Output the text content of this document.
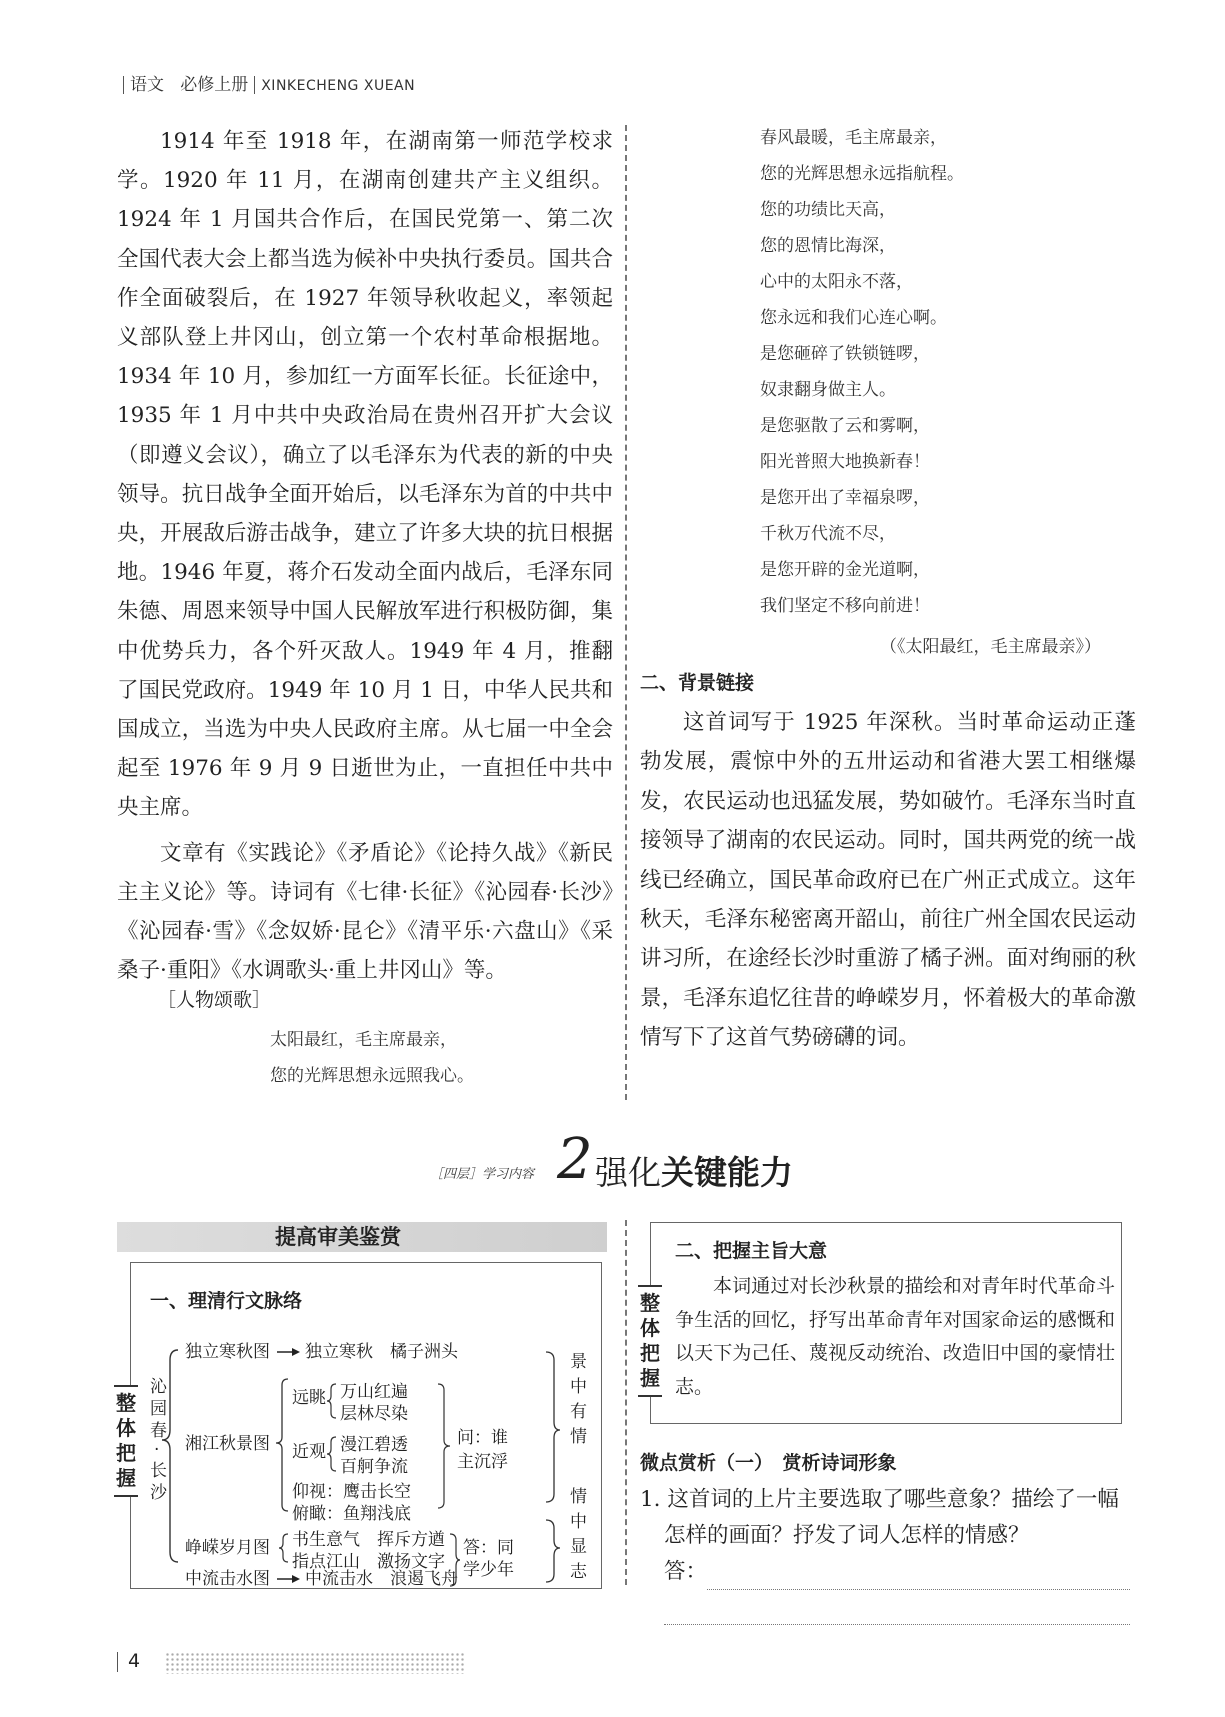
语文 必修上册 XINKECHENG XUEAN

1914 年至 1918 年，在湖南第一师范学校求学。1920 年 11 月，在湖南创建共产主义组织。1924 年 1 月国共合作后，在国民党第一、第二次全国代表大会上都当选为候补中央执行委员。国共合作全面破裂后，在 1927 年领导秋收起义，率领起义部队登上井冈山，创立第一个农村革命根据地。1934 年 10 月，参加红一方面军长征。长征途中，1935 年 1 月中共中央政治局在贵州召开扩大会议（即遵义会议），确立了以毛泽东为代表的新的中央领导。抗日战争全面开始后，以毛泽东为首的中共中央，开展敌后游击战争，建立了许多大块的抗日根据地。1946 年夏，蒋介石发动全面内战后，毛泽东同朱德、周恩来领导中国人民解放军进行积极防御，集中优势兵力，各个歼灭敌人。1949 年 4 月，推翻了国民党政府。1949 年 10 月 1 日，中华人民共和国成立，当选为中央人民政府主席。从七届一中全会起至 1976 年 9 月 9 日逝世为止，一直担任中共中央主席。

文章有《实践论》《矛盾论》《论持久战》《新民主主义论》等。诗词有《七律·长征》《沁园春·长沙》《沁园春·雪》《念奴娇·昆仑》《清平乐·六盘山》《采桑子·重阳》《水调歌头·重上井冈山》等。

［人物颂歌］
太阳最红，毛主席最亲，
您的光辉思想永远照我心。
春风最暖，毛主席最亲，
您的光辉思想永远指航程。
您的功绩比天高，
您的恩情比海深，
心中的太阳永不落，
您永远和我们心连心啊。
是您砸碎了铁锁链啰，
奴隶翻身做主人。
是您驱散了云和雾啊，
阳光普照大地换新春！
是您开出了幸福泉啰，
千秋万代流不尽，
是您开辟的金光道啊，
我们坚定不移向前进！
（《太阳最红，毛主席最亲》）
二、背景链接

这首词写于 1925 年深秋。当时革命运动正蓬勃发展，震惊中外的五卅运动和省港大罢工相继爆发，农民运动也迅猛发展，势如破竹。毛泽东当时直接领导了湖南的农民运动。同时，国共两党的统一战线已经确立，国民革命政府已在广州正式成立。这年秋天，毛泽东秘密离开韶山，前往广州全国农民运动讲习所，在途经长沙时重游了橘子洲。面对绚丽的秋景，毛泽东追忆往昔的峥嵘岁月，怀着极大的革命激情写下了这首气势磅礴的词。

［四层］学习内容 2 强化关键能力
提高审美鉴赏
整体把握
一、理清行文脉络
沁
园
春
·
长
沙
独立寒秋图 独立寒秋　橘子洲头
湘江秋景图
远眺 万山红遍
层林尽染
近观 漫江碧透
百舸争流
仰视：鹰击长空
俯瞰：鱼翔浅底
问：谁
主沉浮
峥嵘岁月图 书生意气　挥斥方遒
指点江山　激扬文字
答：同
学少年
中流击水图 中流击水　浪遏飞舟
景
中
有
情
情
中
显
志
整体把握
二、把握主旨大意

本词通过对长沙秋景的描绘和对青年时代革命斗争生活的回忆，抒写出革命青年对国家命运的感慨和以天下为己任、蔑视反动统治、改造旧中国的豪情壮志。

微点赏析（一）　赏析诗词形象
1. 这首词的上片主要选取了哪些意象？描绘了一幅怎样的画面？抒发了词人怎样的情感？
答：
4
